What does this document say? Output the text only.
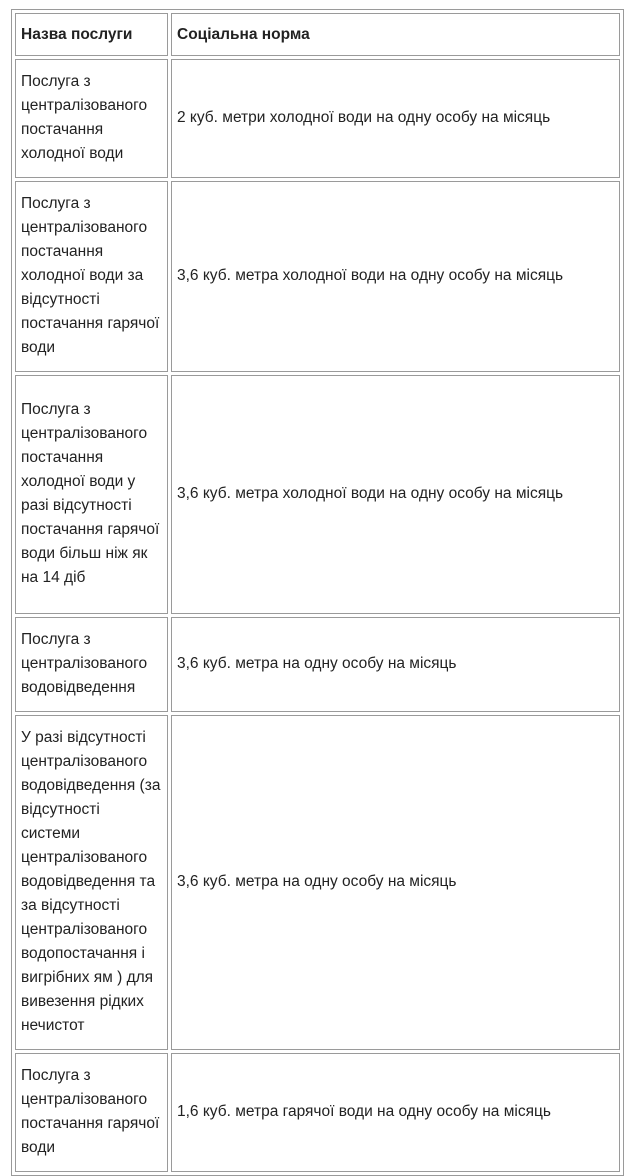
Назва послуги	Соціальна норма
Послуга з централізованого постачання холодної води	2 куб. метри холодної води на одну особу на місяць
Послуга з централізованого постачання холодної води за відсутності постачання гарячої води	3,6 куб. метра холодної води на одну особу на місяць
Послуга з централізованого постачання холодної води у разі відсутності постачання гарячої води більш ніж як на 14 діб	3,6 куб. метра холодної води на одну особу на місяць
Послуга з централізованого водовідведення	3,6 куб. метра на одну особу на місяць
У разі відсутності централізованого водовідведення (за відсутності системи централізованого водовідведення та за відсутності централізованого водопостачання і вигрібних ям ) для вивезення рідких нечистот	3,6 куб. метра на одну особу на місяць
Послуга з централізованого постачання гарячої води	1,6 куб. метра гарячої води на одну особу на місяць
